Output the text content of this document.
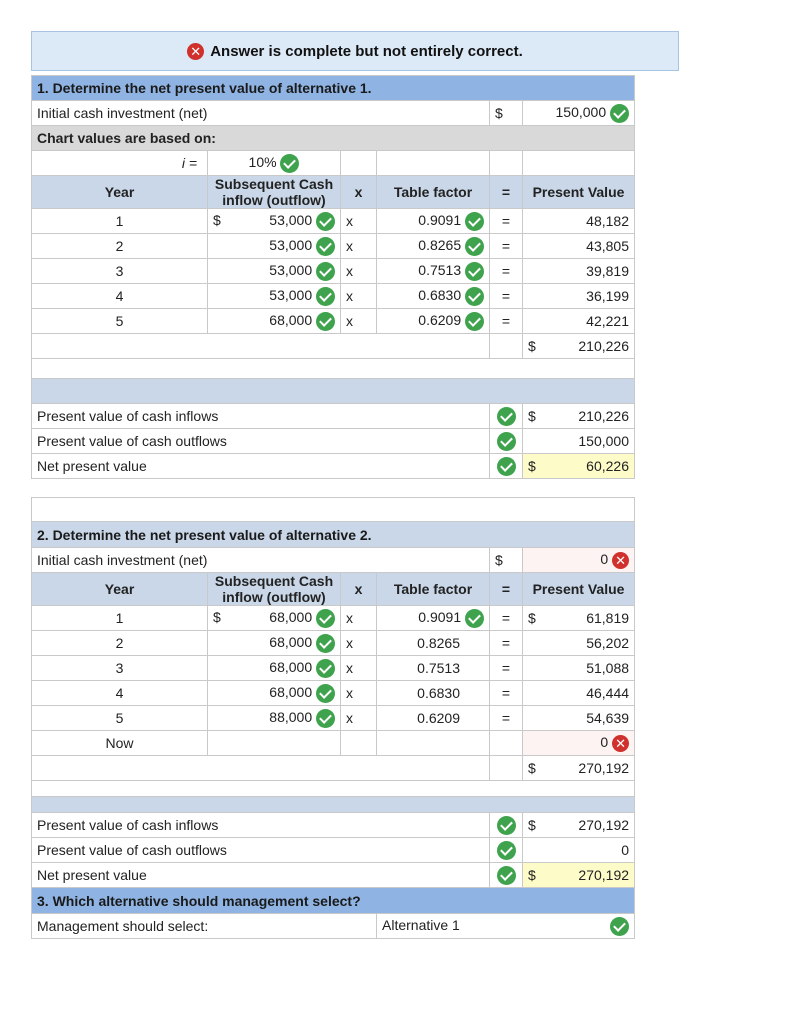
✕ Answer is complete but not entirely correct.
1. Determine the net present value of alternative 1.					
Initial cash investment (net)				$	150,000
Chart values are based on:					
i =	10%				
Year	Subsequent Cash inflow (outflow)	x	Table factor	=	Present Value
1	$ 53,000	x	0.9091	=	48,182
2	53,000	x	0.8265	=	43,805
3	53,000	x	0.7513	=	39,819
4	53,000	x	0.6830	=	36,199
5	68,000	x	0.6209	=	42,221
					$ 210,226

Present value of cash inflows					$ 210,226

Present value of cash outflows					150,000
Net present value					$ 60,226

2. Determine the net present value of alternative 2.					
Initial cash investment (net)				$	0 ✕
Year	Subsequent Cash inflow (outflow)	x	Table factor	=	Present Value
1	$ 68,000	x	0.9091	=	$ 61,819

2	68,000	x	0.8265	=	56,202
3	68,000	x	0.7513	=	51,088
4	68,000	x	0.6830	=	46,444
5	88,000	x	0.6209	=	54,639
Now					0 ✕
					$ 270,192

Present value of cash inflows					$ 270,192

Present value of cash outflows					0
Net present value					$ 270,192

3. Which alternative should management select?					
Management should select:			Alternative 1		
